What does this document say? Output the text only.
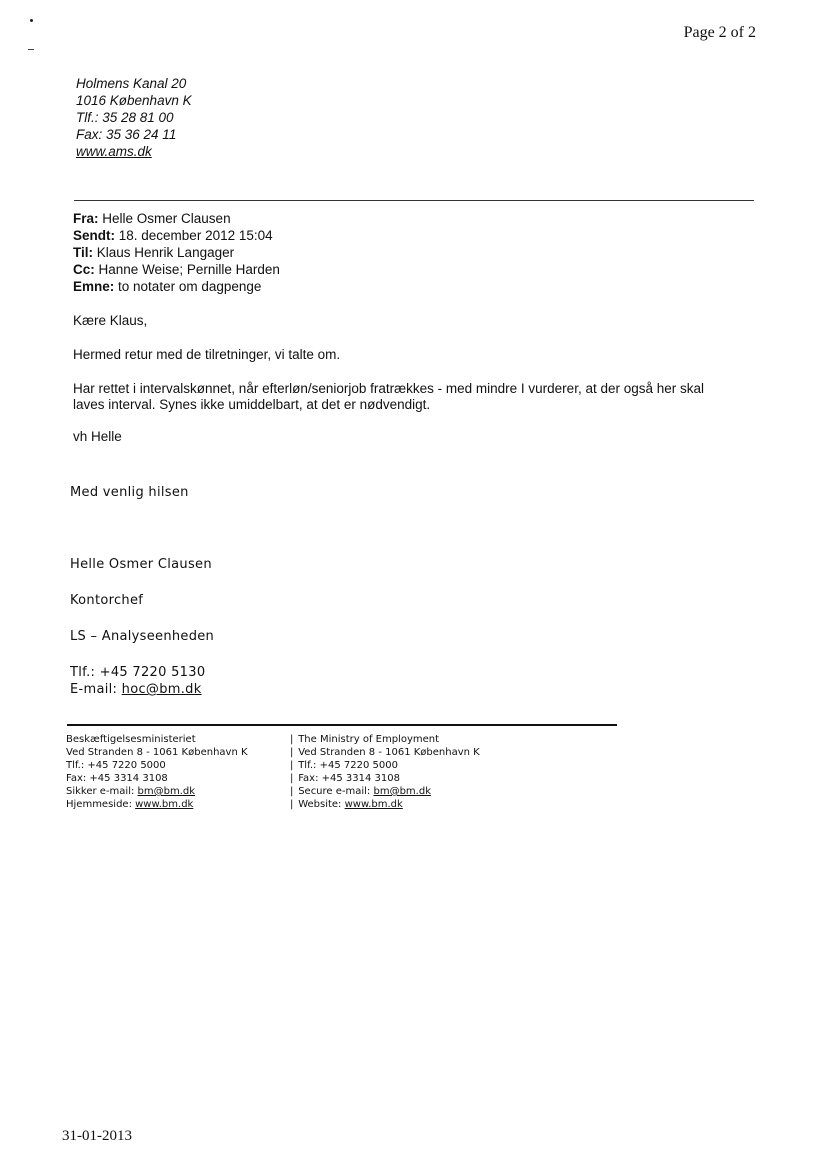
Page 2 of 2
Holmens Kanal 20
1016 København K
Tlf.: 35 28 81 00
Fax: 35 36 24 11
www.ams.dk
Fra: Helle Osmer Clausen
Sendt: 18. december 2012 15:04
Til: Klaus Henrik Langager
Cc: Hanne Weise; Pernille Harden
Emne: to notater om dagpenge
Kære Klaus,
Hermed retur med de tilretninger, vi talte om.
Har rettet i intervalskønnet, når efterløn/seniorjob fratrækkes - med mindre I vurderer, at der også her skal
laves interval. Synes ikke umiddelbart, at det er nødvendigt.
vh Helle
Med venlig hilsen
Helle Osmer Clausen
Kontorchef
LS – Analyseenheden
Tlf.: +45 7220 5130
E-mail: hoc@bm.dk
Beskæftigelsesministeriet
Ved Stranden 8 - 1061 København K
Tlf.: +45 7220 5000
Fax: +45 3314 3108
Sikker e-mail: bm@bm.dk
Hjemmeside: www.bm.dk
| The Ministry of Employment
| Ved Stranden 8 - 1061 København K
| Tlf.: +45 7220 5000
| Fax: +45 3314 3108
| Secure e-mail: bm@bm.dk
| Website: www.bm.dk
31-01-2013
